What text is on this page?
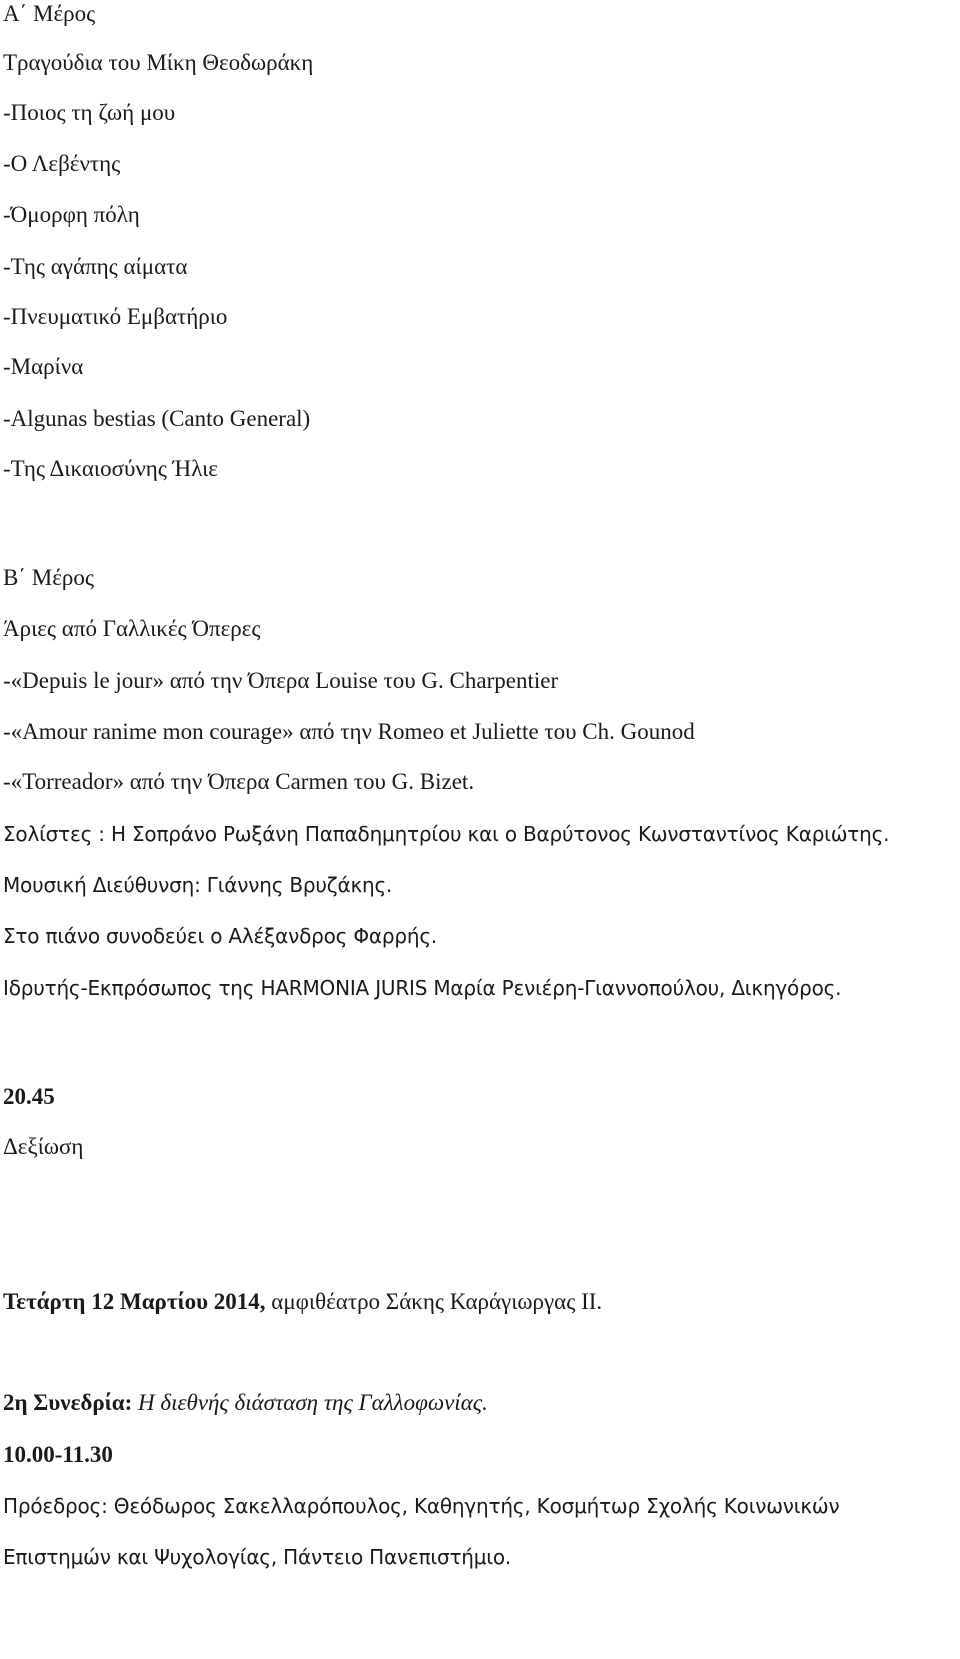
Α΄ Μέρος
Τραγούδια του Μίκη Θεοδωράκη
-Ποιος τη ζωή μου
-Ο Λεβέντης
-Όμορφη πόλη
-Της αγάπης αίματα
-Πνευματικό Εμβατήριο
-Μαρίνα
-Algunas bestias (Canto General)
-Της Δικαιοσύνης Ήλιε
Β΄ Μέρος
Άριες από Γαλλικές Όπερες
-«Depuis le jour» από την Όπερα Louise του G. Charpentier
-«Amour ranime mon courage» από την Romeo et Juliette του Ch. Gounod
-«Torreador» από την Όπερα Carmen του G. Bizet.
Σολίστες : Η Σοπράνο Ρωξάνη Παπαδημητρίου και ο Βαρύτονος Κωνσταντίνος Καριώτης.
Μουσική Διεύθυνση: Γιάννης Βρυζάκης.
Στο πιάνο συνοδεύει ο Αλέξανδρος Φαρρής.
Ιδρυτής-Εκπρόσωπος της HARMONIA JURIS Μαρία Ρενιέρη-Γιαννοπούλου, Δικηγόρος.
20.45
Δεξίωση
Τετάρτη 12 Μαρτίου 2014, αμφιθέατρο Σάκης Καράγιωργας ΙΙ.
2η Συνεδρία: Η διεθνής διάσταση της Γαλλοφωνίας.
10.00-11.30
Πρόεδρος: Θεόδωρος Σακελλαρόπουλος, Καθηγητής, Κοσμήτωρ Σχολής Κοινωνικών
Επιστημών και Ψυχολογίας, Πάντειο Πανεπιστήμιο.
